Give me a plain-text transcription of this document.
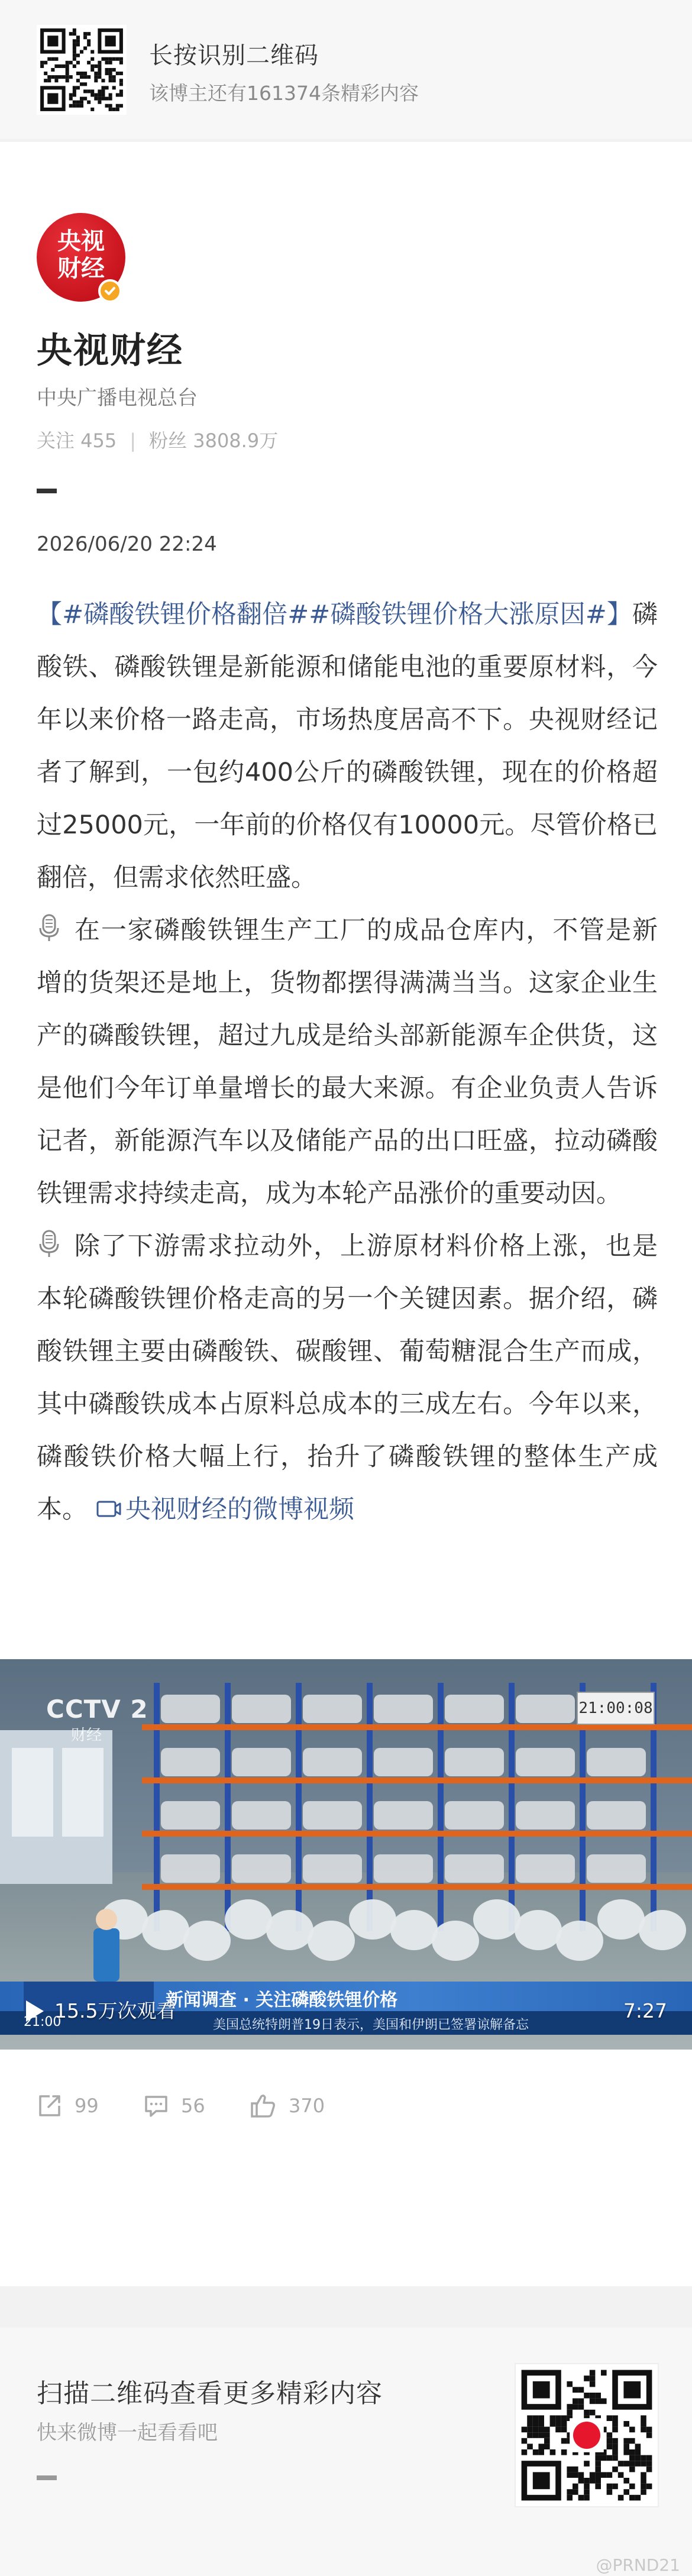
长按识别二维码
该博主还有161374条精彩内容
央视
财经
央视财经
中央广播电视总台
关注 455 | 粉丝 3808.9万
2026/06/20 22:24

【#磷酸铁锂价格翻倍##磷酸铁锂价格大涨原因#】磷酸铁、磷酸铁锂是新能源和储能电池的重要原材料，今年以来价格一路走高，市场热度居高不下。央视财经记者了解到，一包约400公斤的磷酸铁锂，现在的价格超过25000元，一年前的价格仅有10000元。尽管价格已翻倍，但需求依然旺盛。

在一家磷酸铁锂生产工厂的成品仓库内，不管是新增的货架还是地上，货物都摆得满满当当。这家企业生产的磷酸铁锂，超过九成是给头部新能源车企供货，这是他们今年订单量增长的最大来源。有企业负责人告诉记者，新能源汽车以及储能产品的出口旺盛，拉动磷酸铁锂需求持续走高，成为本轮产品涨价的重要动因。

除了下游需求拉动外，上游原材料价格上涨，也是本轮磷酸铁锂价格走高的另一个关键因素。据介绍，磷酸铁锂主要由磷酸铁、碳酸锂、葡萄糖混合生产而成，其中磷酸铁成本占原料总成本的三成左右。今年以来，磷酸铁价格大幅上行，抬升了磷酸铁锂的整体生产成本。 央视财经的微博视频

CCTV 2
财经
21:00:08
新闻调查 · 关注磷酸铁锂价格
21:00	美国总统特朗普19日表示，美国和伊朗已签署谅解备忘
15.5万次观看	7:27
99	56	370
扫描二维码查看更多精彩内容
快来微博一起看看吧
@PRND21
